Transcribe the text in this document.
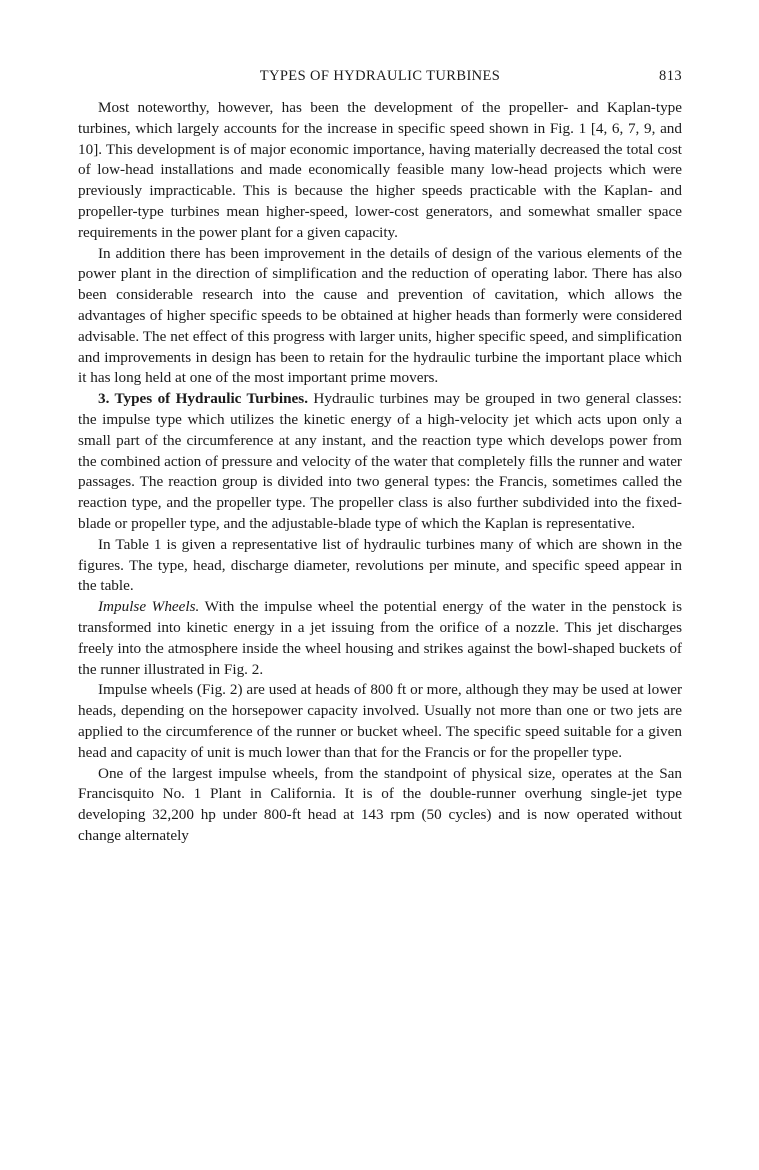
TYPES OF HYDRAULIC TURBINES	813

Most noteworthy, however, has been the development of the propeller- and Kaplan-type turbines, which largely accounts for the increase in specific speed shown in Fig. 1 [4, 6, 7, 9, and 10]. This development is of major economic importance, having materially decreased the total cost of low-head installations and made economically feasible many low-head projects which were previously impracticable. This is because the higher speeds practicable with the Kaplan- and propeller-type turbines mean higher-speed, lower-cost generators, and somewhat smaller space requirements in the power plant for a given capacity.

In addition there has been improvement in the details of design of the various elements of the power plant in the direction of simplification and the reduction of operating labor. There has also been considerable research into the cause and prevention of cavitation, which allows the advantages of higher specific speeds to be obtained at higher heads than formerly were considered advisable. The net effect of this progress with larger units, higher specific speed, and simplification and improvements in design has been to retain for the hydraulic turbine the important place which it has long held at one of the most important prime movers.

3. Types of Hydraulic Turbines. Hydraulic turbines may be grouped in two general classes: the impulse type which utilizes the kinetic energy of a high-velocity jet which acts upon only a small part of the circumference at any instant, and the reaction type which develops power from the combined action of pressure and velocity of the water that completely fills the runner and water passages. The reaction group is divided into two general types: the Francis, sometimes called the reaction type, and the propeller type. The propeller class is also further subdivided into the fixed-blade or propeller type, and the adjustable-blade type of which the Kaplan is representative.

In Table 1 is given a representative list of hydraulic turbines many of which are shown in the figures. The type, head, discharge diameter, revolutions per minute, and specific speed appear in the table.

Impulse Wheels. With the impulse wheel the potential energy of the water in the penstock is transformed into kinetic energy in a jet issuing from the orifice of a nozzle. This jet discharges freely into the atmosphere inside the wheel housing and strikes against the bowl-shaped buckets of the runner illustrated in Fig. 2.

Impulse wheels (Fig. 2) are used at heads of 800 ft or more, although they may be used at lower heads, depending on the horsepower capacity involved. Usually not more than one or two jets are applied to the circumference of the runner or bucket wheel. The specific speed suitable for a given head and capacity of unit is much lower than that for the Francis or for the propeller type.

One of the largest impulse wheels, from the standpoint of physical size, operates at the San Francisquito No. 1 Plant in California. It is of the double-runner overhung single-jet type developing 32,200 hp under 800-ft head at 143 rpm (50 cycles) and is now operated without change alternately
